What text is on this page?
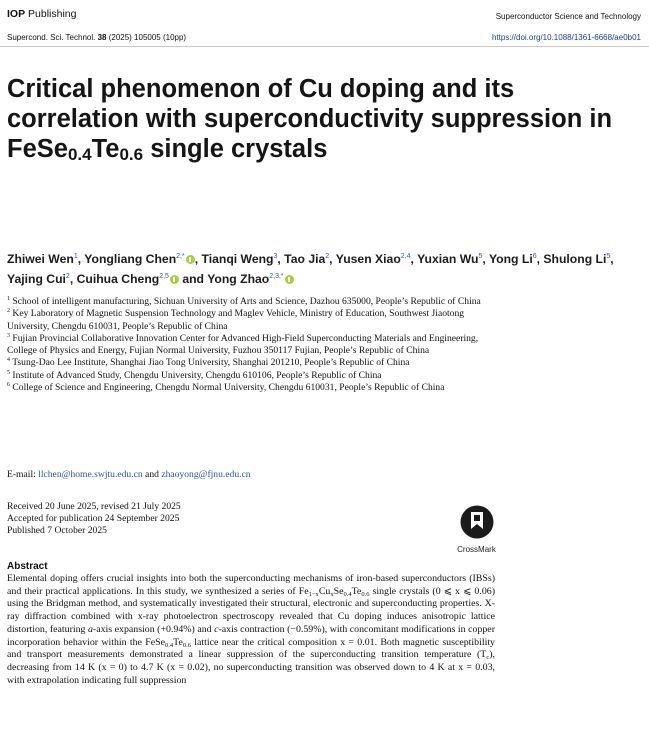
IOP Publishing	Superconductor Science and Technology
Supercond. Sci. Technol. 38 (2025) 105005 (10pp)	https://doi.org/10.1088/1361-6668/ae0b01
Critical phenomenon of Cu doping and its correlation with superconductivity suppression in $FeSe_{0.4}Te_{0.6}$ single crystals
Zhiwei Wen$^1$, Yongliang Chen$^{2,*}$ , Tianqi Weng$^3$, Tao Jia$^2$, Yusen Xiao$^{2,4}$, Yuxian Wu$^5$, Yong Li$^6$, Shulong Li$^5$, Yajing Cui$^2$, Cuihua Cheng$^{2,5}$ and Yong Zhao$^{2,3,*}$
$^1$ School of intelligent manufacturing, Sichuan University of Arts and Science, Dazhou 635000, People’s Republic of China
$^2$ Key Laboratory of Magnetic Suspension Technology and Maglev Vehicle, Ministry of Education, Southwest Jiaotong University, Chengdu 610031, People’s Republic of China
$^3$ Fujian Provincial Collaborative Innovation Center for Advanced High-Field Superconducting Materials and Engineering, College of Physics and Energy, Fujian Normal University, Fuzhou 350117 Fujian, People’s Republic of China
$^4$ Tsung-Dao Lee Institute, Shanghai Jiao Tong University, Shanghai 201210, People’s Republic of China
$^5$ Institute of Advanced Study, Chengdu University, Chengdu 610106, People’s Republic of China
$^6$ College of Science and Engineering, Chengdu Normal University, Chengdu 610031, People’s Republic of China
E-mail: llchen@home.swjtu.edu.cn and zhaoyong@fjnu.edu.cn
Received 20 June 2025, revised 21 July 2025
Accepted for publication 24 September 2025
Published 7 October 2025
CrossMark
Abstract
Elemental doping offers crucial insights into both the superconducting mechanisms of iron-based superconductors (IBSs) and their practical applications. In this study, we synthesized a series of $Fe_{1-x}Cu_xSe_{0.4}Te_{0.6}$ single crystals (0 ⩽ x ⩽ 0.06) using the Bridgman method, and systematically investigated their structural, electronic and superconducting properties. X-ray diffraction combined with x-ray photoelectron spectroscopy revealed that Cu doping induces anisotropic lattice distortion, featuring a-axis expansion (+0.94%) and c-axis contraction (−0.59%), with concomitant modifications in copper incorporation behavior within the $FeSe_{0.4}Te_{0.6}$ lattice near the critical composition x = 0.01. Both magnetic susceptibility and transport measurements demonstrated a linear suppression of the superconducting transition temperature $(T_c)$, decreasing from 14 K (x = 0) to 4.7 K (x = 0.02), no superconducting transition was observed down to 4 K at x = 0.03, with extrapolation indicating full suppression
